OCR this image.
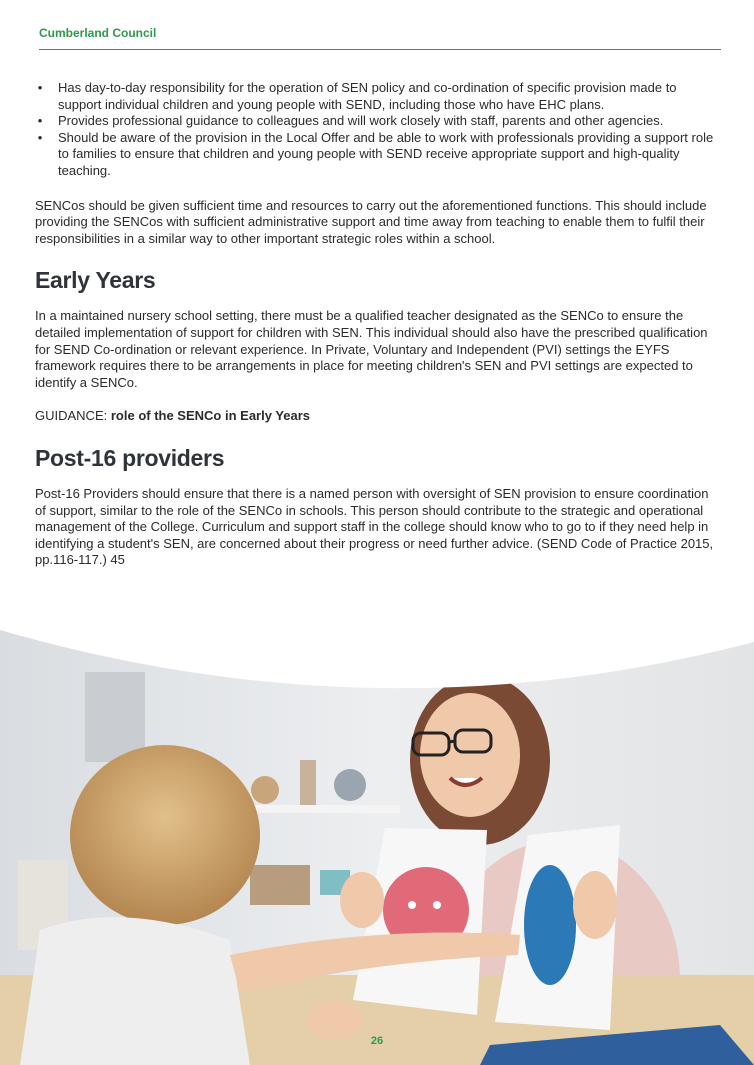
Cumberland Council
• Has day-to-day responsibility for the operation of SEN policy and co-ordination of specific provision made to support individual children and young people with SEND, including those who have EHC plans.
• Provides professional guidance to colleagues and will work closely with staff, parents and other agencies.
• Should be aware of the provision in the Local Offer and be able to work with professionals providing a support role to families to ensure that children and young people with SEND receive appropriate support and high-quality teaching.

SENCos should be given sufficient time and resources to carry out the aforementioned functions. This should include providing the SENCos with sufficient administrative support and time away from teaching to enable them to fulfil their responsibilities in a similar way to other important strategic roles within a school.

Early Years

In a maintained nursery school setting, there must be a qualified teacher designated as the SENCo to ensure the detailed implementation of support for children with SEN. This individual should also have the prescribed qualification for SEND Co-ordination or relevant experience. In Private, Voluntary and Independent (PVI) settings the EYFS framework requires there to be arrangements in place for meeting children's SEN and PVI settings are expected to identify a SENCo.

GUIDANCE: role of the SENCo in Early Years

Post-16 providers

Post-16 Providers should ensure that there is a named person with oversight of SEN provision to ensure coordination of support, similar to the role of the SENCo in schools. This person should contribute to the strategic and operational management of the College. Curriculum and support staff in the college should know who to go to if they need help in identifying a student's SEN, are concerned about their progress or need further advice. (SEND Code of Practice 2015, pp.116-117.) 45

26
